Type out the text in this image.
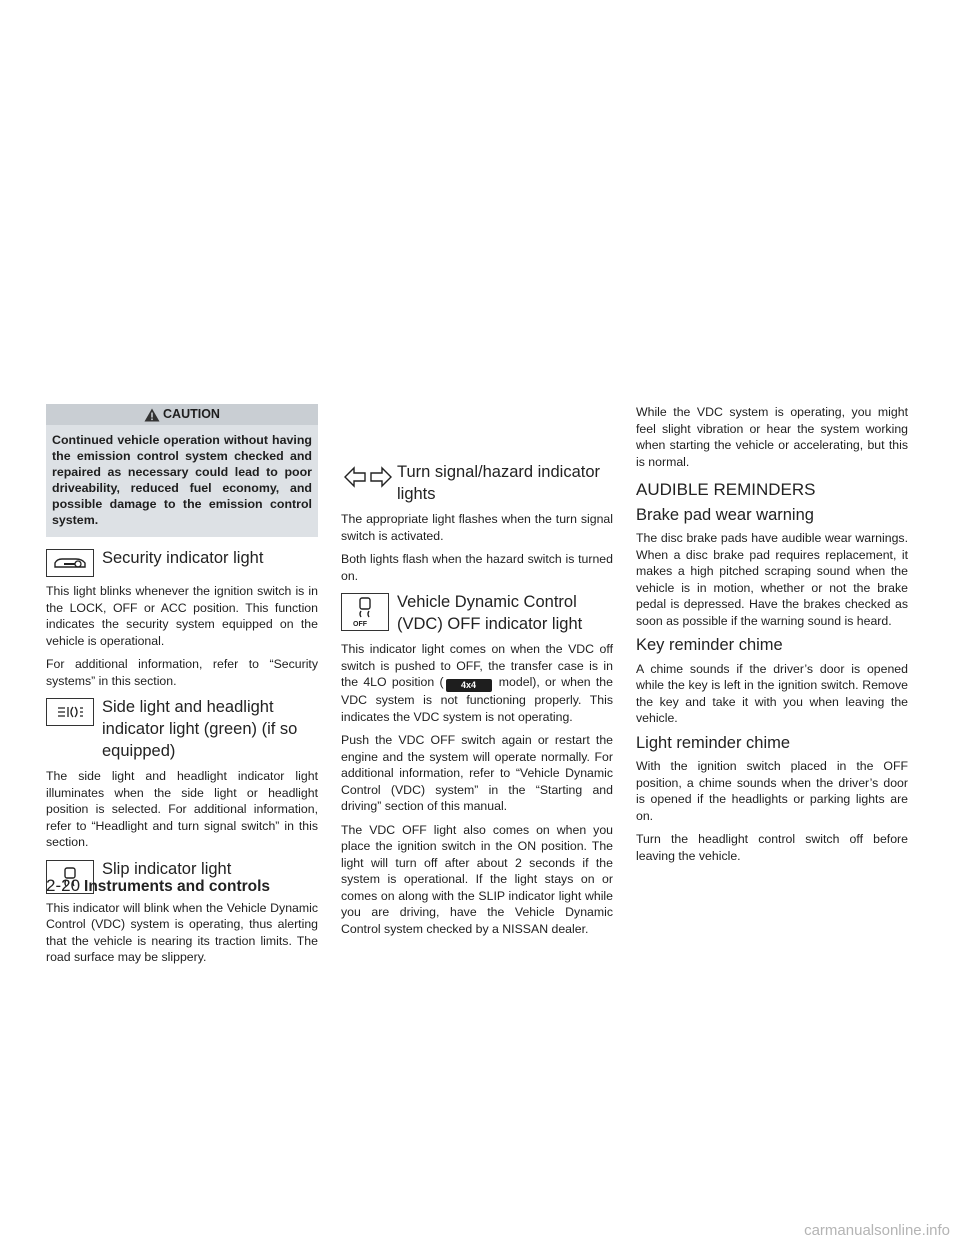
CAUTION
Continued vehicle operation without having the emission control system checked and repaired as necessary could lead to poor driveability, reduced fuel economy, and possible damage to the emission control system.
Security indicator light

This light blinks whenever the ignition switch is in the LOCK, OFF or ACC position. This function indicates the security system equipped on the vehicle is operational.

For additional information, refer to “Security systems” in this section.

Side light and headlight indicator light (green) (if so equipped)

The side light and headlight indicator light illuminates when the side light or headlight position is selected. For additional information, refer to “Headlight and turn signal switch” in this section.

Slip indicator light

This indicator will blink when the Vehicle Dynamic Control (VDC) system is operating, thus alerting that the vehicle is nearing its traction limits. The road surface may be slippery.

Turn signal/hazard indicator lights

The appropriate light flashes when the turn signal switch is activated.

Both lights flash when the hazard switch is turned on.

OFF
Vehicle Dynamic Control (VDC) OFF indicator light

This indicator light comes on when the VDC off switch is pushed to OFF, the transfer case is in the 4LO position ( 4x4 model), or when the VDC system is not functioning properly. This indicates the VDC system is not operating.

Push the VDC OFF switch again or restart the engine and the system will operate normally. For additional information, refer to “Vehicle Dynamic Control (VDC) system” in the “Starting and driving” section of this manual.

The VDC OFF light also comes on when you place the ignition switch in the ON position. The light will turn off after about 2 seconds if the system is operational. If the light stays on or comes on along with the SLIP indicator light while you are driving, have the Vehicle Dynamic Control system checked by a NISSAN dealer.

While the VDC system is operating, you might feel slight vibration or hear the system working when starting the vehicle or accelerating, but this is normal.

AUDIBLE REMINDERS
Brake pad wear warning

The disc brake pads have audible wear warnings. When a disc brake pad requires replacement, it makes a high pitched scraping sound when the vehicle is in motion, whether or not the brake pedal is depressed. Have the brakes checked as soon as possible if the warning sound is heard.

Key reminder chime

A chime sounds if the driver’s door is opened while the key is left in the ignition switch. Remove the key and take it with you when leaving the vehicle.

Light reminder chime

With the ignition switch placed in the OFF position, a chime sounds when the driver’s door is opened if the headlights or parking lights are on.

Turn the headlight control switch off before leaving the vehicle.

2-20 Instruments and controls
carmanualsonline.info
